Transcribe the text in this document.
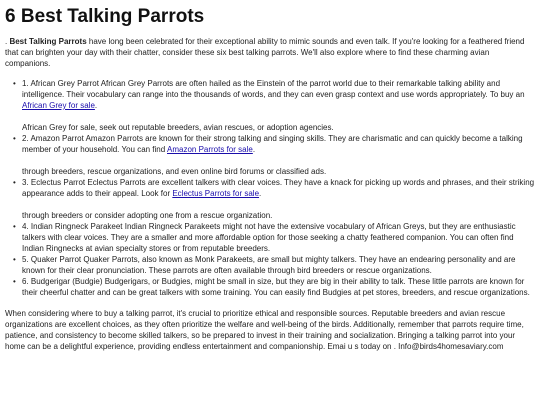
6 Best Talking Parrots

. Best Talking Parrots have long been celebrated for their exceptional ability to mimic sounds and even talk. If you're looking for a feathered friend that can brighten your day with their chatter, consider these six best talking parrots. We'll also explore where to find these charming avian companions.

• 1. African Grey Parrot African Grey Parrots are often hailed as the Einstein of the parrot world due to their remarkable talking ability and intelligence. Their vocabulary can range into the thousands of words, and they can even grasp context and use words appropriately. To buy an African Grey for sale.

African Grey for sale, seek out reputable breeders, avian rescues, or adoption agencies.

• 2. Amazon Parrot Amazon Parrots are known for their strong talking and singing skills. They are charismatic and can quickly become a talking member of your household. You can find Amazon Parrots for sale.

through breeders, rescue organizations, and even online bird forums or classified ads.

• 3. Eclectus Parrot Eclectus Parrots are excellent talkers with clear voices. They have a knack for picking up words and phrases, and their striking appearance adds to their appeal. Look for Eclectus Parrots for sale.

through breeders or consider adopting one from a rescue organization.

• 4. Indian Ringneck Parakeet Indian Ringneck Parakeets might not have the extensive vocabulary of African Greys, but they are enthusiastic talkers with clear voices. They are a smaller and more affordable option for those seeking a chatty feathered companion. You can often find Indian Ringnecks at avian specialty stores or from reputable breeders.
• 5. Quaker Parrot Quaker Parrots, also known as Monk Parakeets, are small but mighty talkers. They have an endearing personality and are known for their clear pronunciation. These parrots are often available through bird breeders or rescue organizations.
• 6. Budgerigar (Budgie) Budgerigars, or Budgies, might be small in size, but they are big in their ability to talk. These little parrots are known for their cheerful chatter and can be great talkers with some training. You can easily find Budgies at pet stores, breeders, and rescue organizations.

When considering where to buy a talking parrot, it's crucial to prioritize ethical and responsible sources. Reputable breeders and avian rescue organizations are excellent choices, as they often prioritize the welfare and well-being of the birds. Additionally, remember that parrots require time, patience, and consistency to become skilled talkers, so be prepared to invest in their training and socialization. Bringing a talking parrot into your home can be a delightful experience, providing endless entertainment and companionship. Emai u s today on . Info@birds4homesaviary.com
